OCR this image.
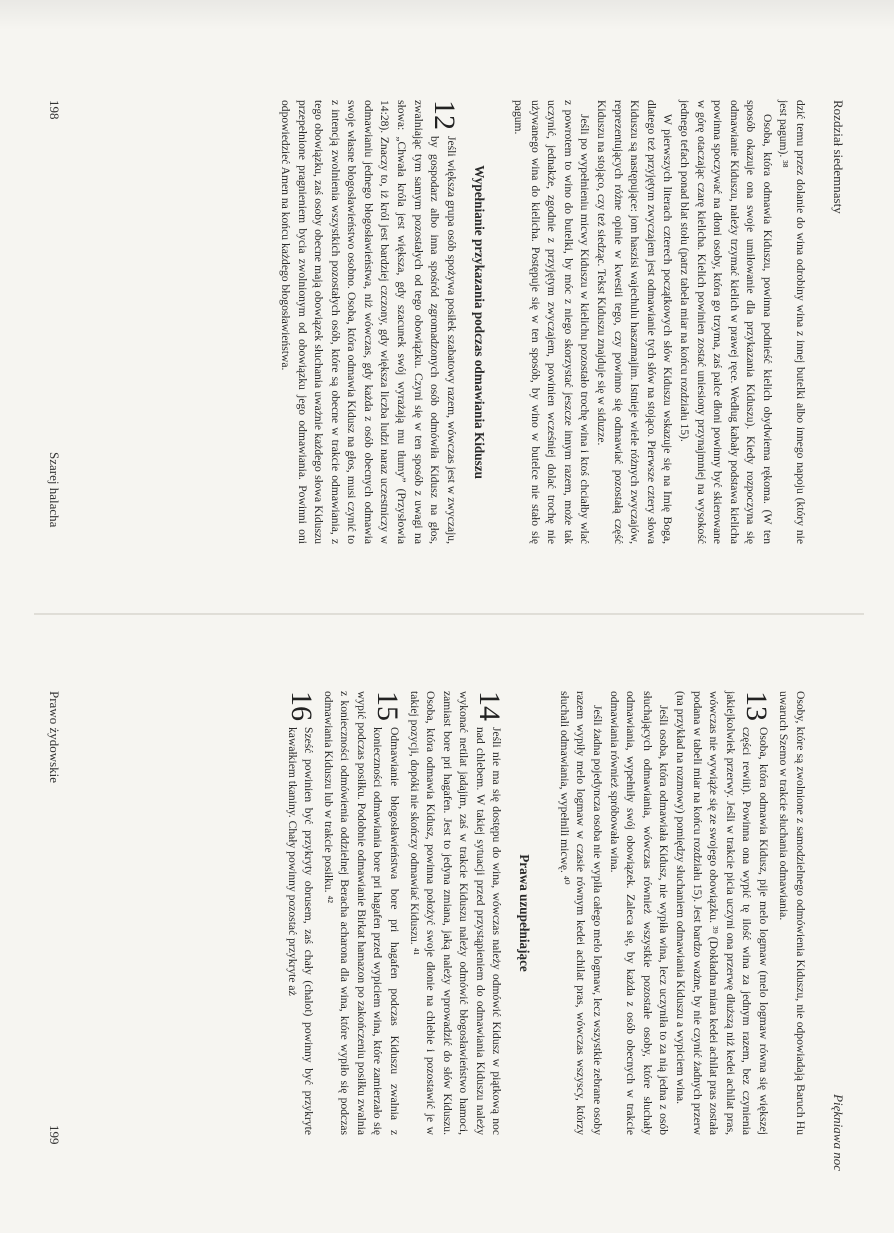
Rozdział siedemnasty

dzić temu przez dolanie do wina odrobiny wina z innej butelki albo innego napoju (który nie jest pagum). ³⁸

Osoba, która odmawia Kiduszu, powinna podnieść kielich obydwiema rękoma. (W ten sposób okazuje ona swoje umiłowanie dla przykazania Kiduszu). Kiedy rozpoczyna się odmawianie Kiduszu, należy trzymać kielich w prawej ręce. Według kabały podstawa kielicha powinna spoczywać na dłoni osoby, która go trzyma, zaś palce dłoni powinny być skierowane w górę otaczając czarę kielicha. Kielich powinien zostać uniesiony przynajmniej na wysokość jednego tefach ponad blat stołu (patrz tabela miar na końcu rozdziału 15).

W pierwszych literach czterech początkowych słów Kiduszu wskazuje się na Imię Boga, dlatego też przyjętym zwyczajem jest odmawianie tych słów na stojąco. Pierwsze cztery słowa Kiduszu są następujące: jom haszisi wajechulu haszamajim. Istnieje wiele różnych zwyczajów, reprezentujących różne opinie w kwestii tego, czy powinno się odmawiać pozostałą część Kiduszu na stojąco, czy też siedząc. Tekst Kiduszu znajduje się w siduzze.

Jeśli po wypełnieniu micwy Kiduszu w kielichu pozostało trochę wina i ktoś chciałby wlać z powrotem to wino do butelki, by móc z niego skorzystać jeszcze innym razem, może tak uczynić, jednakże, zgodnie z przyjętym zwyczajem, powinien wcześniej dolać trochę nie używanego wina do kielicha. Postępuje się w ten sposób, by wino w butelce nie stało się pagum.

Wypełnianie przykazania podczas odmawiania Kiduszu

12
Jeśli większa grupa osób spożywa posiłek szabatowy razem, wówczas jest w zwyczaju, by gospodarz albo inna spośród zgromadzonych osób odmówiła Kidusz na głos, zwalniając tym samym pozostałych od tego obowiązku. Czyni się w ten sposób z uwagi na słowa: „Chwała króla jest większa, gdy szacunek swój wyrażają mu tłumy” (Przysłowia 14:28). Znaczy to, iż król jest bardziej czczony, gdy większa liczba ludzi naraz uczestniczy w odmawianiu jednego błogosławieństwa, niż wówczas, gdy każda z osób obecnych odmawia swoje własne błogosławieństwo osobno. Osoba, która odmawia Kidusz na głos, musi czynić to z intencją zwolnienia wszystkich pozostałych osób, które są obecne w trakcie odmawiania, z tego obowiązku, zaś osoby obecne mają obowiązek słuchania uważnie każdego słowa Kiduszu przepełnione pragnieniem bycia zwolnionym od obowiązku jego odmawiania. Powinni oni odpowiedzieć Amen na końcu każdego błogosławieństwa.

198
Szarej halacha
Piękniawa noc

Osoby, które są zwolnione z samodzielnego odmówienia Kiduszu, nie odpowiadają Baruch Hu uwaruch Szemo w trakcie słuchania odmawiania.

13
Osoba, która odmawia Kidusz, pije melo logmaw (melo logmaw równa się większej części rewiit). Powinna ona wypić tę ilość wina za jednym razem, bez czynienia jakiejkolwiek przerwy. Jeśli w trakcie picia uczyni ona przerwę dłuższą niż kedei achilat pras, wówczas nie wywiąże się ze swojego obowiązku. ³⁹ (Dokładna miara kedei achilat pras została podana w tabeli miar na końcu rozdziału 15). Jest bardzo ważne, by nie czynić żadnych przerw (na przykład na rozmowy) pomiędzy słuchaniem odmawiania Kiduszu a wypiciem wina.

Jeśli osoba, która odmawiała Kidusz, nie wypiła wina, lecz uczyniła to za nią jedna z osób słuchających odmawiania, wówczas również wszystkie pozostałe osoby, które słuchały odmawiania, wypełniły swój obowiązek. Zaleca się, by każda z osób obecnych w trakcie odmawiania również spróbowała wina.

Jeśli żadna pojedyncza osoba nie wypiła całego melo logmaw, lecz wszystkie zebrane osoby razem wypiły melo logmaw w czasie równym kedei achilat pras, wówczas wszyscy, którzy słuchali odmawiania, wypełnili micwę. ⁴⁰

Prawa uzupełniające

14
Jeśli nie ma się dostępu do wina, wówczas należy odmówić Kidusz w piątkową noc nad chlebem. W takiej sytuacji przed przystąpieniem do odmawiania Kiduszu należy wykonać netilat jadajim, zaś w trakcie Kiduszu należy odmówić błogosławieństwo hamoci, zamiast bore pri hagafen. Jest to jedyna zmiana, jaką należy wprowadzić do słów Kiduszu. Osoba, która odmawia Kidusz, powinna położyć swoje dłonie na chlebie i pozostawić je w takiej pozycji, dopóki nie skończy odmawiać Kiduszu. ⁴¹

15
Odmawianie błogosławieństwa bore pri hagafen podczas Kiduszu zwalnia z konieczności odmawiania bore pri hagafen przed wypiciem wina, które zamierzało się wypić podczas posiłku. Podobnie odmawianie Birkat hamazon po zakończeniu posiłku zwalnia z konieczności odmówienia oddzielnej Beracha acharona dla wina, które wypiło się podczas odmawiania Kiduszu lub w trakcie posiłku. ⁴²

16
Sześć powinien być przykryty obrusem, zaś chały (chalot) powinny być przykryte kawałkiem tkaniny. Chały powinny pozostać przykryte aż

Prawo żydowskie
199
